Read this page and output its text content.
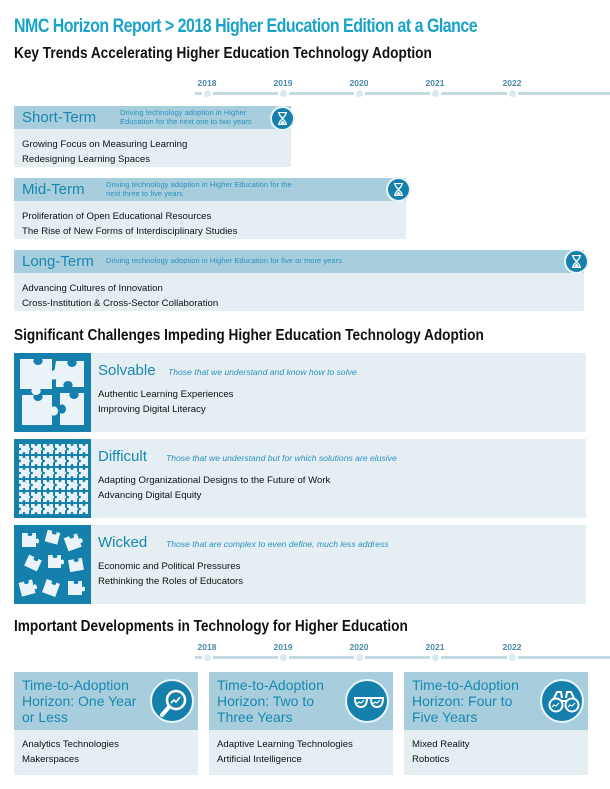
NMC Horizon Report > 2018 Higher Education Edition at a Glance
Key Trends Accelerating Higher Education Technology Adoption
2018	2019	2020	2021	2022
Short-Term	Driving technology adoption in Higher
Education for the next one to two years
Growing Focus on Measuring Learning
Redesigning Learning Spaces
Mid-Term	Driving technology adoption in Higher Education for the
next three to five years
Proliferation of Open Educational Resources
The Rise of New Forms of Interdisciplinary Studies
Long-Term Driving technology adoption in Higher Education for five or more years
Advancing Cultures of Innovation
Cross-Institution & Cross-Sector Collaboration
Significant Challenges Impeding Higher Education Technology Adoption
Solvable Those that we understand and know how to solve
Authentic Learning Experiences
Improving Digital Literacy
Difficult Those that we understand but for which solutions are elusive
Adapting Organizational Designs to the Future of Work
Advancing Digital Equity
Wicked Those that are complex to even define, much less address
Economic and Political Pressures
Rethinking the Roles of Educators
Important Developments in Technology for Higher Education
2018	2019	2020	2021	2022
Time-to-Adoption Horizon: One Year or Less
Analytics Technologies
Makerspaces
Time-to-Adoption Horizon: Two to Three Years
Adaptive Learning Technologies
Artificial Intelligence
Time-to-Adoption Horizon: Four to Five Years
Mixed Reality
Robotics
